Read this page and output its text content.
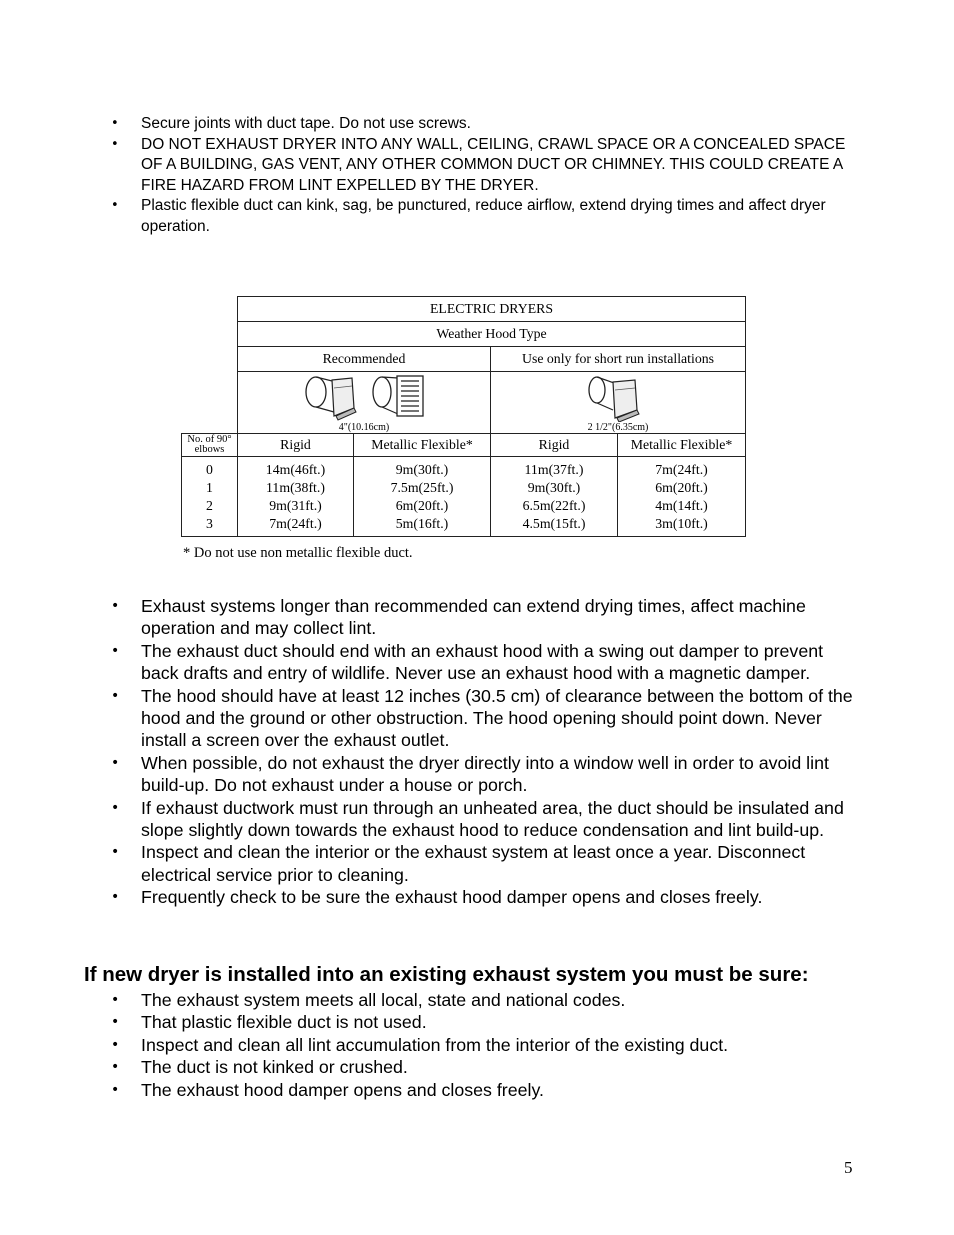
• Secure joints with duct tape. Do not use screws.
• DO NOT EXHAUST DRYER INTO ANY WALL, CEILING, CRAWL SPACE OR A CONCEALED SPACE OF A BUILDING, GAS VENT, ANY OTHER COMMON DUCT OR CHIMNEY. THIS COULD CREATE A FIRE HAZARD FROM LINT EXPELLED BY THE DRYER.
• Plastic flexible duct can kink, sag, be punctured, reduce airflow, extend drying times and affect dryer operation.
	ELECTRIC DRYERS			
	Weather Hood Type			
	Recommended		Use only for short run installations	

	4"(10.16cm)		2 1/2"(6.35cm)	

No. of 90°
elbows	Rigid	Metallic Flexible*	Rigid	Metallic Flexible*
0	14m(46ft.)	9m(30ft.)	11m(37ft.)	7m(24ft.)
1	11m(38ft.)	7.5m(25ft.)	9m(30ft.)	6m(20ft.)
2	9m(31ft.)	6m(20ft.)	6.5m(22ft.)	4m(14ft.)
3	7m(24ft.)	5m(16ft.)	4.5m(15ft.)	3m(10ft.)
* Do not use non metallic flexible duct.
• Exhaust systems longer than recommended can extend drying times, affect machine operation and may collect lint.
• The exhaust duct should end with an exhaust hood with a swing out damper to prevent back drafts and entry of wildlife. Never use an exhaust hood with a magnetic damper.
• The hood should have at least 12 inches (30.5 cm) of clearance between the bottom of the hood and the ground or other obstruction. The hood opening should point down. Never install a screen over the exhaust outlet.
• When possible, do not exhaust the dryer directly into a window well in order to avoid lint build-up. Do not exhaust under a house or porch.
• If exhaust ductwork must run through an unheated area, the duct should be insulated and slope slightly down towards the exhaust hood to reduce condensation and lint build-up.
• Inspect and clean the interior or the exhaust system at least once a year. Disconnect electrical service prior to cleaning.
• Frequently check to be sure the exhaust hood damper opens and closes freely.
If new dryer is installed into an existing exhaust system you must be sure:
• The exhaust system meets all local, state and national codes.
• That plastic flexible duct is not used.
• Inspect and clean all lint accumulation from the interior of the existing duct.
• The duct is not kinked or crushed.
• The exhaust hood damper opens and closes freely.
5
